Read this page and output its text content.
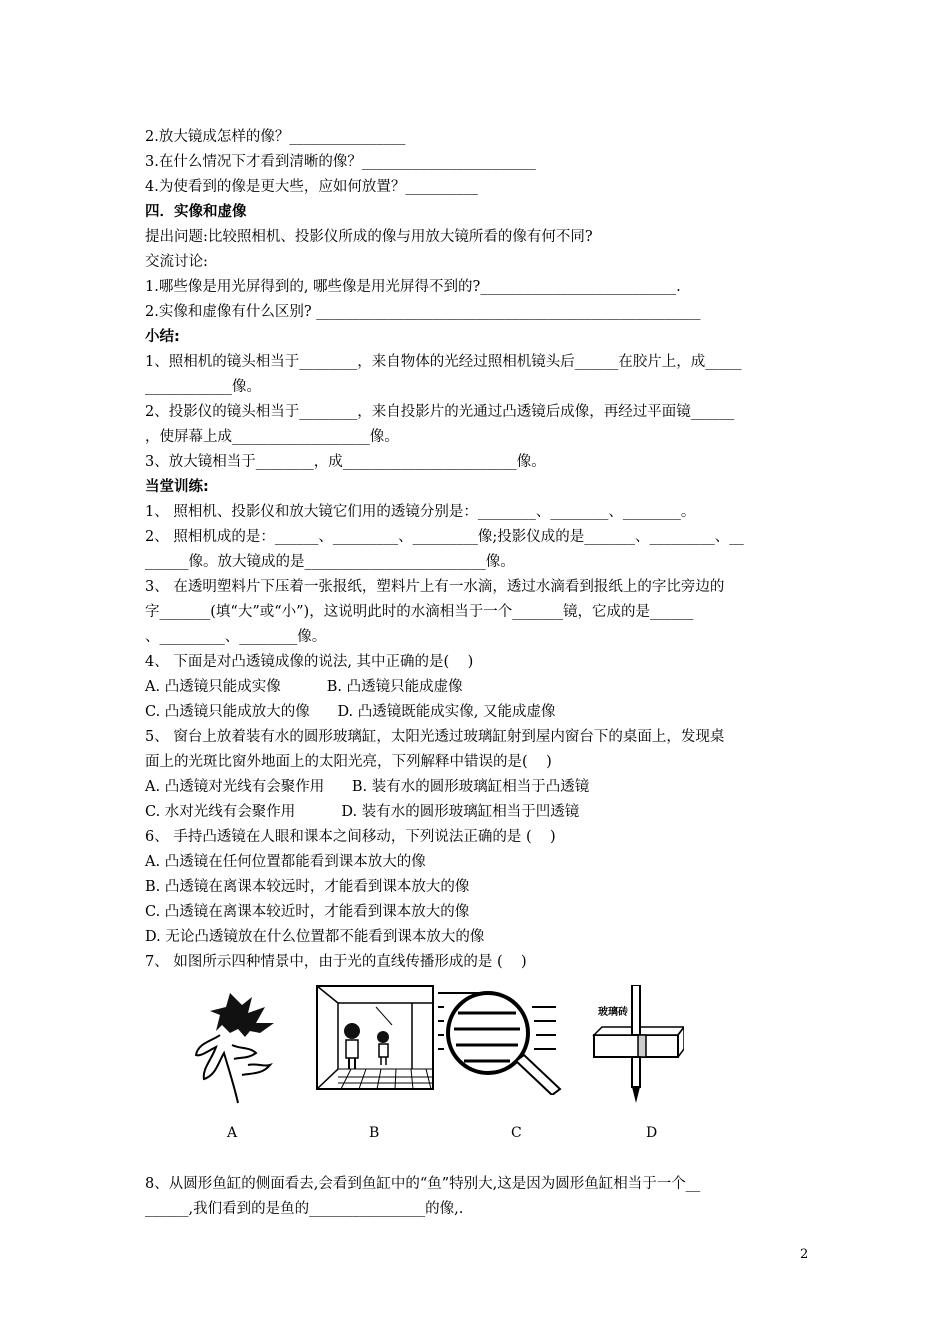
2.放大镜成怎样的像？________________
3.在什么情况下才看到清晰的像？________________________
4.为使看到的像是更大些，应如何放置？__________
四．实像和虚像
提出问题:比较照相机、投影仪所成的像与用放大镜所看的像有何不同?
交流讨论:
1.哪些像是用光屏得到的, 哪些像是用光屏得不到的?___________________________.
2.实像和虚像有什么区别? _____________________________________________________
小结:
1、照相机的镜头相当于________，来自物体的光经过照相机镜头后______在胶片上，成_____
____________像。
2、投影仪的镜头相当于________，来自投影片的光通过凸透镜后成像，再经过平面镜______
，使屏幕上成___________________像。
3、放大镜相当于________，成________________________像。
当堂训练:
1、 照相机、投影仪和放大镜它们用的透镜分别是：________、________、________。
2、 照相机成的是：______、_________、_________像;投影仪成的是_______、_________、__
______像。放大镜成的是_________________________像。
3、 在透明塑料片下压着一张报纸，塑料片上有一水滴，透过水滴看到报纸上的字比旁边的
字_______(填“大”或“小”)，这说明此时的水滴相当于一个_______镜，它成的是______
、_________、________像。
4、 下面是对凸透镜成像的说法, 其中正确的是(    )
A. 凸透镜只能成实像          B. 凸透镜只能成虚像
C. 凸透镜只能成放大的像      D. 凸透镜既能成实像, 又能成虚像
5、 窗台上放着装有水的圆形玻璃缸，太阳光透过玻璃缸射到屋内窗台下的桌面上，发现桌
面上的光斑比窗外地面上的太阳光亮，下列解释中错误的是(    )
A. 凸透镜对光线有会聚作用      B. 装有水的圆形玻璃缸相当于凸透镜
C. 水对光线有会聚作用          D. 装有水的圆形玻璃缸相当于凹透镜
6、 手持凸透镜在人眼和课本之间移动，下列说法正确的是 (    )
A. 凸透镜在任何位置都能看到课本放大的像
B. 凸透镜在离课本较远时，才能看到课本放大的像
C. 凸透镜在离课本较近时，才能看到课本放大的像
D. 无论凸透镜放在什么位置都不能看到课本放大的像
7、 如图所示四种情景中，由于光的直线传播形成的是 (    )
玻璃砖
A	B	C	D
8、从圆形鱼缸的侧面看去,会看到鱼缸中的“鱼”特别大,这是因为圆形鱼缸相当于一个__
______,我们看到的是鱼的________________的像,.
2
